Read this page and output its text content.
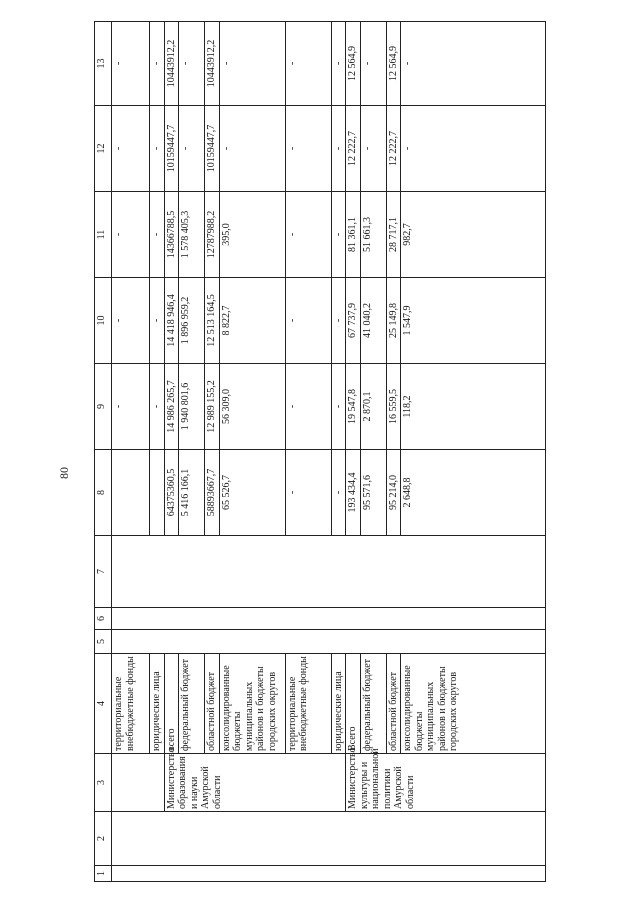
80
1	2	3	4	5	6	7	8	9	10	11	12	13
			территориальные внебюджетные фонды					-	-	-	-	-
			юридические лица					-	-	-	-	-
		Министерство образования и науки Амурской области	всего				64375360,5	14 986 265,7	14 418 946,4	14366788,5	10159447,7	10443912,2
			федеральный бюджет				5 416 166,1	1 940 801,6	1 896 959,2	1 578 405,3	-	-
			областной бюджет				58893667,7	12 989 155,2	12 513 164,5	12787988,2	10159447,7	10443912,2
			консолидированные бюджеты муниципальных районов и бюджеты городских округов				65 526,7	56 309,0	8 822,7	395,0	-	-
			территориальные внебюджетные фонды				-	-	-	-	-	-
			юридические лица				-	-	-	-	-	-
		Министерство культуры и национальной политики Амурской области	Всего				193 434,4	19 547,8	67 737,9	81 361,1	12 222,7	12 564,9
			федеральный бюджет				95 571,6	2 870,1	41 040,2	51 661,3	-	-
			областной бюджет				95 214,0	16 559,5	25 149,8	28 717,1	12 222,7	12 564,9
			консолидированные бюджеты муниципальных районов и бюджеты городских округов				2 648,8	118,2	1 547,9	982,7	-	-
